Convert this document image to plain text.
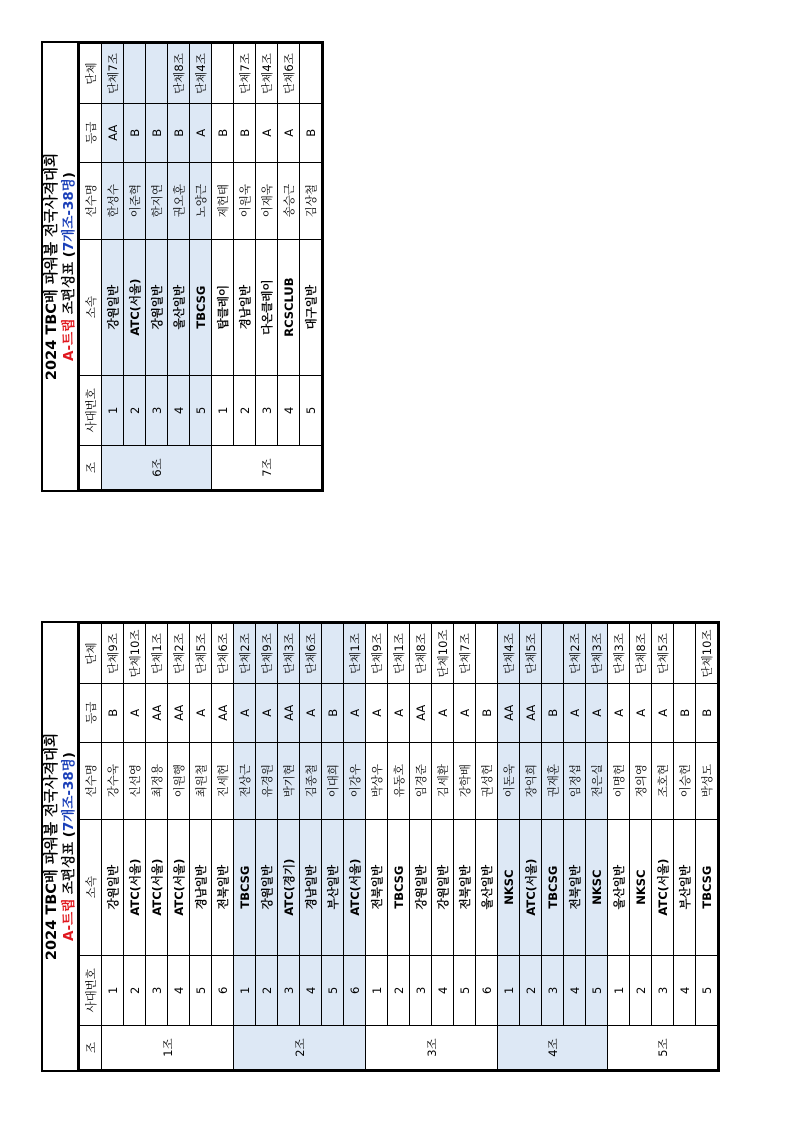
2024 TBC배 파워볼 전국사격대회 A-트랩 조편성표 (7개조-38명)
조	사대번호	소속	선수명	등급	단체
1조	1	강원일반	강수욱	B	단체9조
	2	ATC(서울)	신선영	A	단체10조
	3	ATC(서울)	최정용	AA	단체1조
	4	ATC(서울)	이원행	AA	단체2조
	5	경남일반	최원철	A	단체5조
	6	전북일반	진세헌	AA	단체6조
2조	1	TBCSG	전상근	A	단체2조
	2	강원일반	유경원	A	단체9조
	3	ATC(경기)	박기현	AA	단체3조
	4	경남일반	김종철	A	단체6조
	5	부산일반	이대희	B	
	6	ATC(서울)	이강우	A	단체1조
3조	1	전북일반	박상우	A	단체9조
	2	TBCSG	유동호	A	단체1조
	3	강원일반	임경준	AA	단체8조
	4	강원일반	김세환	A	단체10조
	5	전북일반	강학배	A	단체7조
	6	울산일반	권성헌	B	
4조	1	NKSC	이돈욱	AA	단체4조
	2	ATC(서울)	장익희	AA	단체5조
	3	TBCSG	권재훈	B	
	4	전북일반	임정섭	A	단체2조
	5	NKSC	전은실	A	단체3조
5조	1	울산일반	이명헌	A	단체3조
	2	NKSC	정의영	A	단체8조
	3	ATC(서울)	조호현	A	단체5조
	4	부산일반	이승헌	B	
	5	TBCSG	박성도	B	단체10조
2024 TBC배 파워볼 전국사격대회 A-트랩 조편성표 (7개조-38명)
조	사대번호	소속	선수명	등급	단체
6조	1	강원일반	한성수	AA	단체7조
	2	ATC(서울)	이준혁	B	
	3	강원일반	한지연	B	
	4	울산일반	권오훈	B	단체8조
	5	TBCSG	노양근	A	단체4조
7조	1	탑클레이	제헌태	B	
	2	경남일반	이원욱	B	단체7조
	3	다온클레이	이재욱	A	단체4조
	4	RCSCLUB	송승근	A	단체6조
	5	대구일반	김상철	B	
